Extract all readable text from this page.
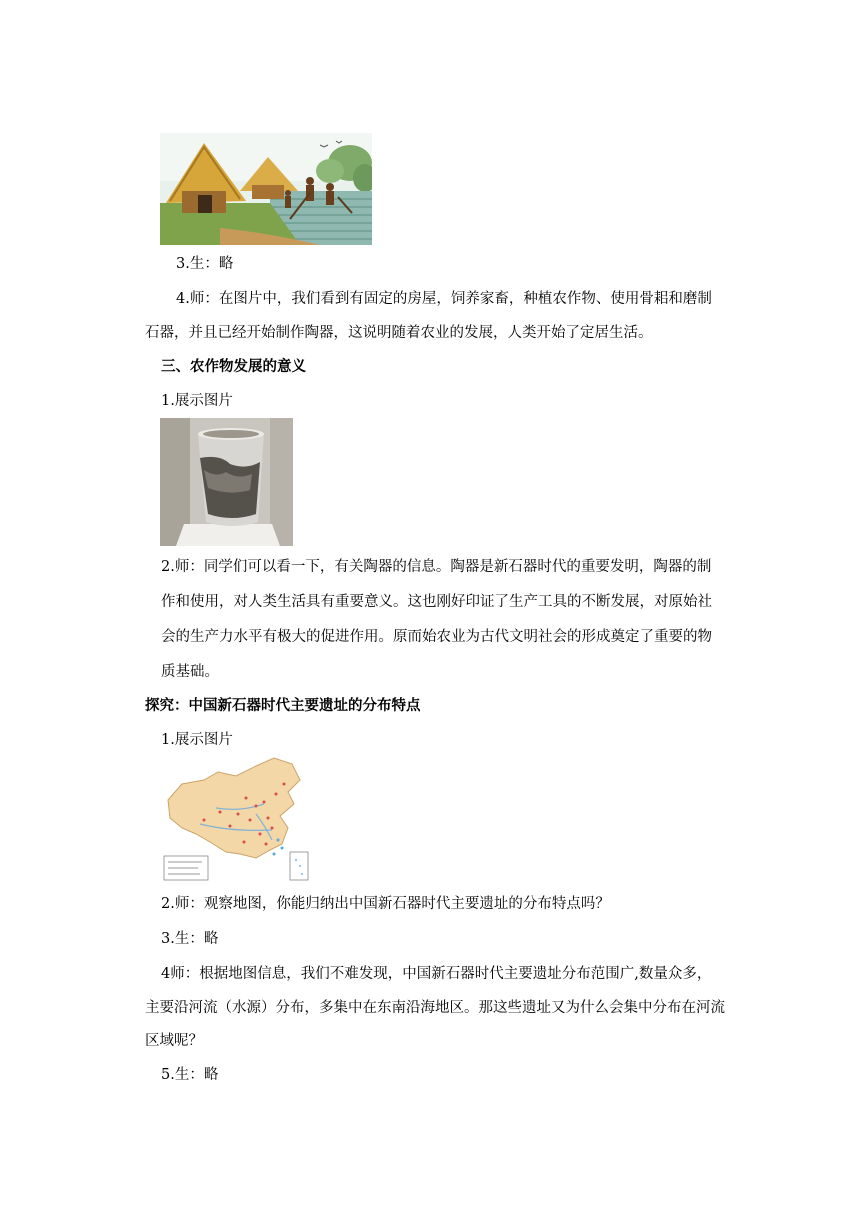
3.生：略
4.师：在图片中，我们看到有固定的房屋，饲养家畜，种植农作物、使用骨耜和磨制
石器，并且已经开始制作陶器，这说明随着农业的发展，人类开始了定居生活。
三、农作物发展的意义
1.展示图片
2.师：同学们可以看一下，有关陶器的信息。陶器是新石器时代的重要发明，陶器的制
作和使用，对人类生活具有重要意义。这也刚好印证了生产工具的不断发展，对原始社
会的生产力水平有极大的促进作用。原而始农业为古代文明社会的形成奠定了重要的物
质基础。
探究：中国新石器时代主要遗址的分布特点
1.展示图片
2.师：观察地图，你能归纳出中国新石器时代主要遗址的分布特点吗？
3.生：略
4师：根据地图信息，我们不难发现，中国新石器时代主要遗址分布范围广,数量众多，
主要沿河流（水源）分布，多集中在东南沿海地区。那这些遗址又为什么会集中分布在河流
区域呢？
5.生：略
